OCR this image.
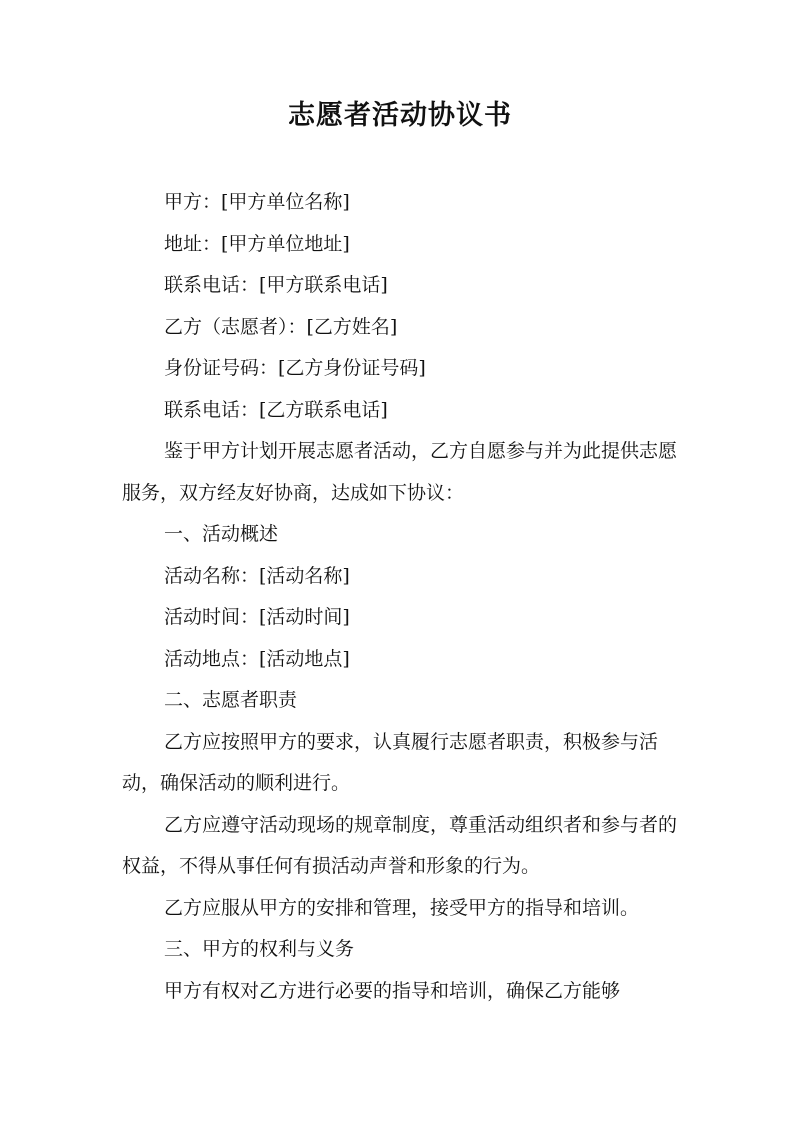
志愿者活动协议书

甲方：[甲方单位名称]

地址：[甲方单位地址]

联系电话：[甲方联系电话]

乙方（志愿者）：[乙方姓名]

身份证号码：[乙方身份证号码]

联系电话：[乙方联系电话]

鉴于甲方计划开展志愿者活动，乙方自愿参与并为此提供志愿服务，双方经友好协商，达成如下协议：

一、活动概述

活动名称：[活动名称]

活动时间：[活动时间]

活动地点：[活动地点]

二、志愿者职责

乙方应按照甲方的要求，认真履行志愿者职责，积极参与活动，确保活动的顺利进行。

乙方应遵守活动现场的规章制度，尊重活动组织者和参与者的权益，不得从事任何有损活动声誉和形象的行为。

乙方应服从甲方的安排和管理，接受甲方的指导和培训。

三、甲方的权利与义务

甲方有权对乙方进行必要的指导和培训，确保乙方能够
